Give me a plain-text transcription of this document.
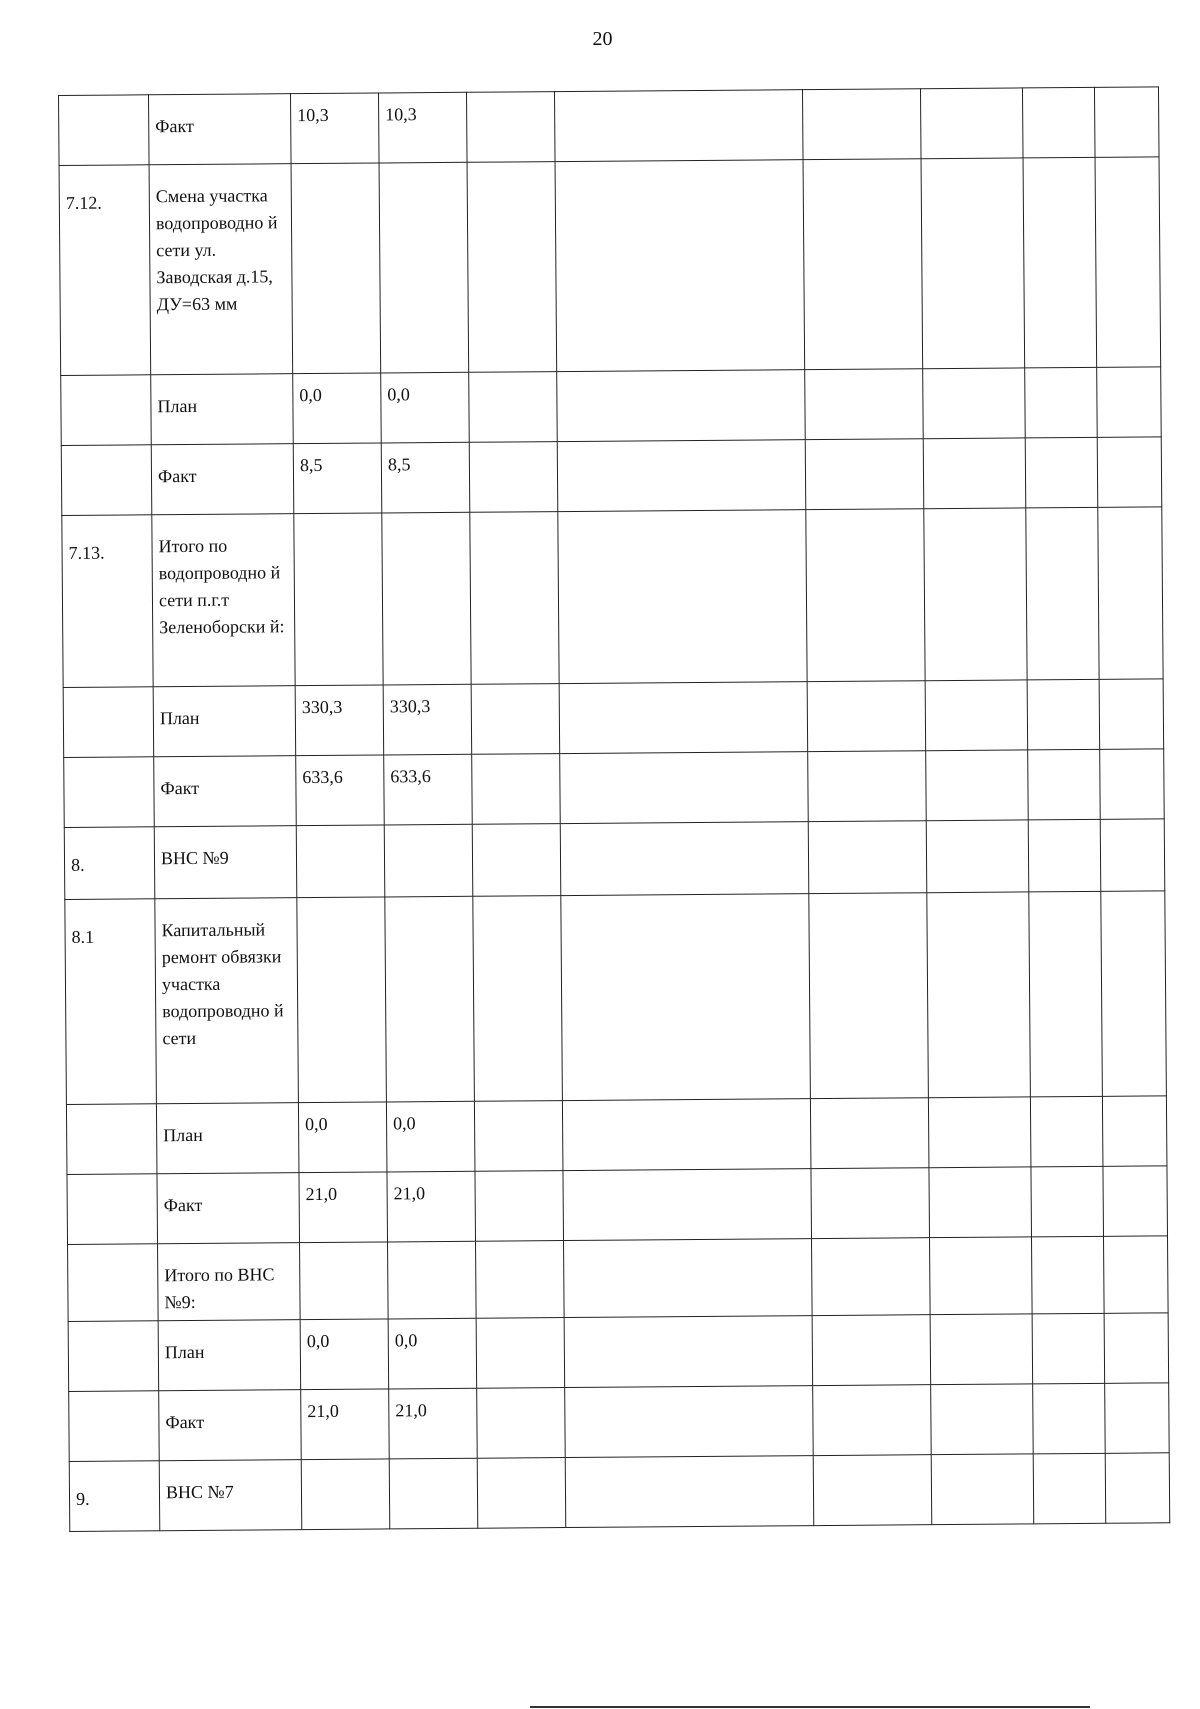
20
	Факт	10,3	10,3						
7.12.	Смена участка водопроводно й сети ул. Заводская д.15, ДУ=63 мм								
	План	0,0	0,0						
	Факт	8,5	8,5						
7.13.	Итого по водопроводно й сети п.г.т Зеленоборски й:								
	План	330,3	330,3						
	Факт	633,6	633,6						
8.	ВНС №9								
8.1	Капитальный ремонт обвязки участка водопроводно й сети								
	План	0,0	0,0						
	Факт	21,0	21,0						
	Итого по ВНС №9:								
	План	0,0	0,0						
	Факт	21,0	21,0						
9.	ВНС №7								
